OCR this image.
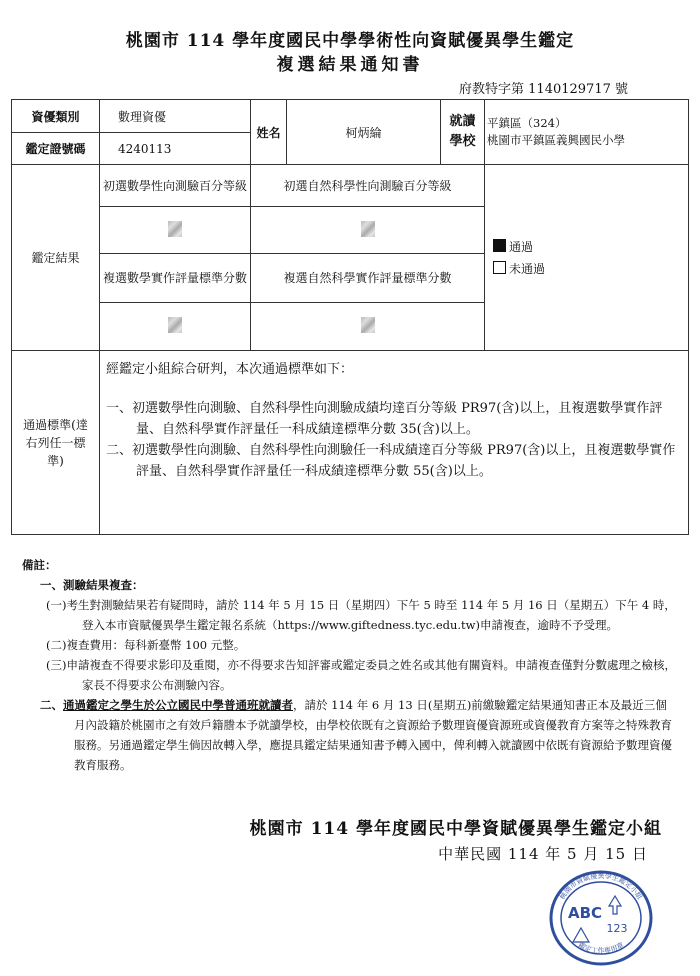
桃園市 114 學年度國民中學學術性向資賦優異學生鑑定
複選結果通知書
府教特字第 1140129717 號
資優類別	數理資優	姓名	柯炳綸	就讀學校	平鎮區（324）
桃園市平鎮區義興國民小學

鑑定證號碼	4240113				
鑑定結果	初選數學性向測驗百分等級	初選自然科學性向測驗百分等級			通過
未通過

	複選數學實作評量標準分數	複選自然科學實作評量標準分數			

通過標準(達右列任一標準)	經鑑定小組綜合研判，本次通過標準如下：
一、初選數學性向測驗、自然科學性向測驗成績均達百分等級 PR97(含)以上，且複選數學實作評量、自然科學實作評量任一科成績達標準分數 35(含)以上。
二、初選數學性向測驗、自然科學性向測驗任一科成績達百分等級 PR97(含)以上，且複選數學實作評量、自然科學實作評量任一科成績達標準分數 55(含)以上。				
備註：
一、測驗結果複查：
(一)考生對測驗結果若有疑問時，請於 114 年 5 月 15 日（星期四）下午 5 時至 114 年 5 月 16 日（星期五）下午 4 時，登入本市資賦優異學生鑑定報名系統（https://www.giftedness.tyc.edu.tw)申請複查，逾時不予受理。
(二)複查費用：每科新臺幣 100 元整。
(三)申請複查不得要求影印及重閱，亦不得要求告知評審或鑑定委員之姓名或其他有關資料。申請複查僅對分數處理之檢核，家長不得要求公布測驗內容。
二、通過鑑定之學生於公立國民中學普通班就讀者，請於 114 年 6 月 13 日(星期五)前繳驗鑑定結果通知書正本及最近三個月內設籍於桃園市之有效戶籍謄本予就讀學校，由學校依既有之資源給予數理資優資源班或資優教育方案等之特殊教育服務。另通過鑑定學生倘因故轉入學，應提具鑑定結果通知書予轉入國中，俾利轉入就讀國中依既有資源給予數理資優教育服務。
桃園市 114 學年度國民中學資賦優異學生鑑定小組
中華民國 114 年 5 月 15 日
桃園市資賦優異學生鑑定小組
鑑定工作專用章
ABC
123
